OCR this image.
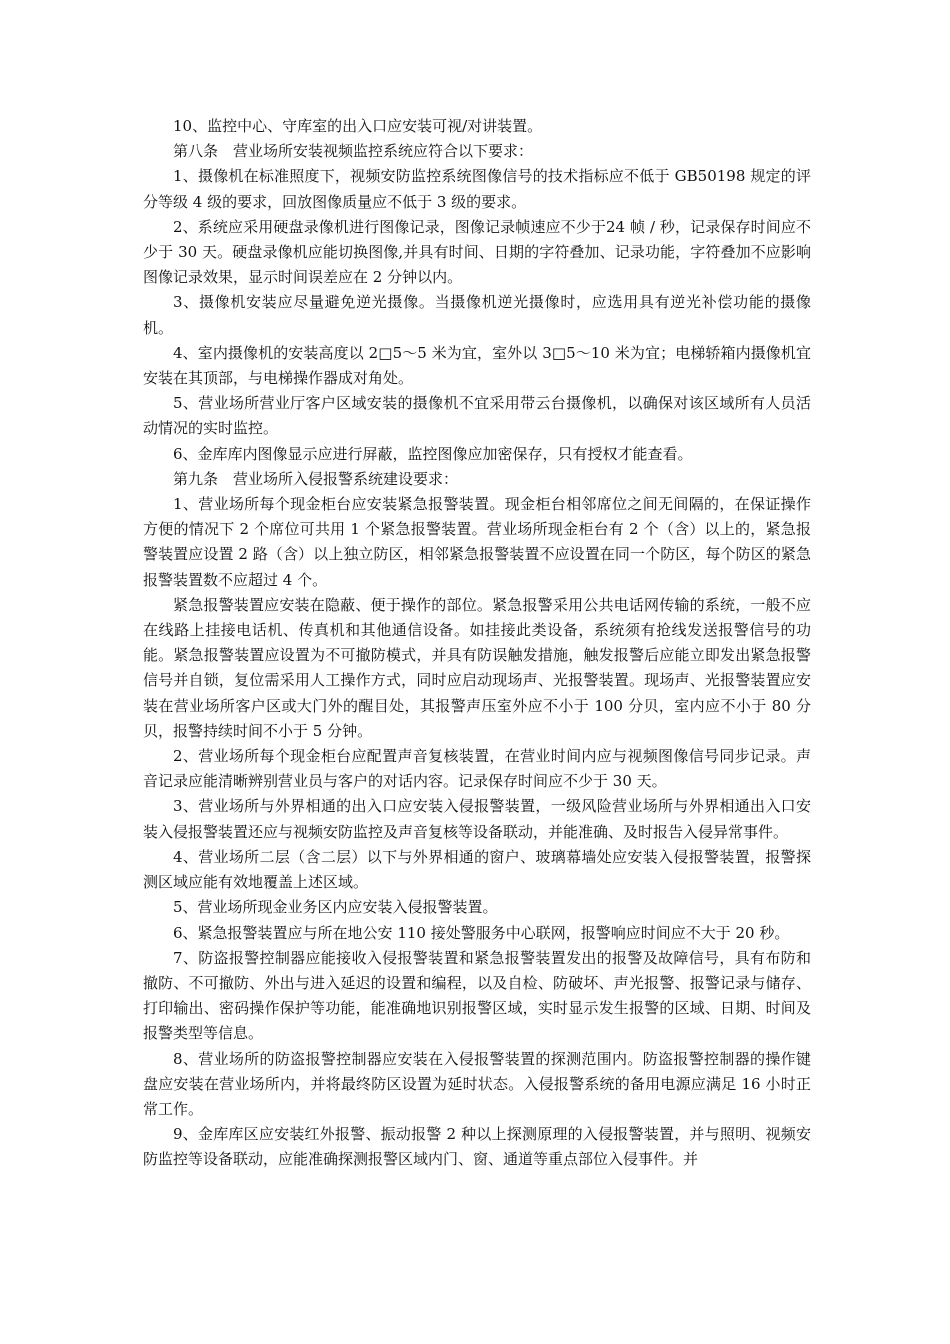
10、监控中心、守库室的出入口应安装可视/对讲装置。

第八条　营业场所安装视频监控系统应符合以下要求：

1、摄像机在标准照度下，视频安防监控系统图像信号的技术指标应不低于 GB50198 规定的评分等级 4 级的要求，回放图像质量应不低于 3 级的要求。

2、系统应采用硬盘录像机进行图像记录，图像记录帧速应不少于24 帧 / 秒，记录保存时间应不少于 30 天。硬盘录像机应能切换图像,并具有时间、日期的字符叠加、记录功能，字符叠加不应影响图像记录效果，显示时间误差应在 2 分钟以内。

3、摄像机安装应尽量避免逆光摄像。当摄像机逆光摄像时，应选用具有逆光补偿功能的摄像机。

4、室内摄像机的安装高度以 2□5～5 米为宜，室外以 3□5～10 米为宜；电梯轿箱内摄像机宜安装在其顶部，与电梯操作器成对角处。

5、营业场所营业厅客户区域安装的摄像机不宜采用带云台摄像机，以确保对该区域所有人员活动情况的实时监控。

6、金库库内图像显示应进行屏蔽，监控图像应加密保存，只有授权才能查看。

第九条　营业场所入侵报警系统建设要求：

1、营业场所每个现金柜台应安装紧急报警装置。现金柜台相邻席位之间无间隔的，在保证操作方便的情况下 2 个席位可共用 1 个紧急报警装置。营业场所现金柜台有 2 个（含）以上的，紧急报警装置应设置 2 路（含）以上独立防区，相邻紧急报警装置不应设置在同一个防区，每个防区的紧急报警装置数不应超过 4 个。

紧急报警装置应安装在隐蔽、便于操作的部位。紧急报警采用公共电话网传输的系统，一般不应在线路上挂接电话机、传真机和其他通信设备。如挂接此类设备，系统须有抢线发送报警信号的功能。紧急报警装置应设置为不可撤防模式，并具有防误触发措施，触发报警后应能立即发出紧急报警信号并自锁，复位需采用人工操作方式，同时应启动现场声、光报警装置。现场声、光报警装置应安装在营业场所客户区或大门外的醒目处，其报警声压室外应不小于 100 分贝，室内应不小于 80 分贝，报警持续时间不小于 5 分钟。

2、营业场所每个现金柜台应配置声音复核装置，在营业时间内应与视频图像信号同步记录。声音记录应能清晰辨别营业员与客户的对话内容。记录保存时间应不少于 30 天。

3、营业场所与外界相通的出入口应安装入侵报警装置，一级风险营业场所与外界相通出入口安装入侵报警装置还应与视频安防监控及声音复核等设备联动，并能准确、及时报告入侵异常事件。

4、营业场所二层（含二层）以下与外界相通的窗户、玻璃幕墙处应安装入侵报警装置，报警探测区域应能有效地覆盖上述区域。

5、营业场所现金业务区内应安装入侵报警装置。

6、紧急报警装置应与所在地公安 110 接处警服务中心联网，报警响应时间应不大于 20 秒。

7、防盗报警控制器应能接收入侵报警装置和紧急报警装置发出的报警及故障信号，具有布防和撤防、不可撤防、外出与进入延迟的设置和编程，以及自检、防破坏、声光报警、报警记录与储存、打印输出、密码操作保护等功能，能准确地识别报警区域，实时显示发生报警的区域、日期、时间及报警类型等信息。

8、营业场所的防盗报警控制器应安装在入侵报警装置的探测范围内。防盗报警控制器的操作键盘应安装在营业场所内，并将最终防区设置为延时状态。入侵报警系统的备用电源应满足 16 小时正常工作。

9、金库库区应安装红外报警、振动报警 2 种以上探测原理的入侵报警装置，并与照明、视频安防监控等设备联动，应能准确探测报警区域内门、窗、通道等重点部位入侵事件。并
